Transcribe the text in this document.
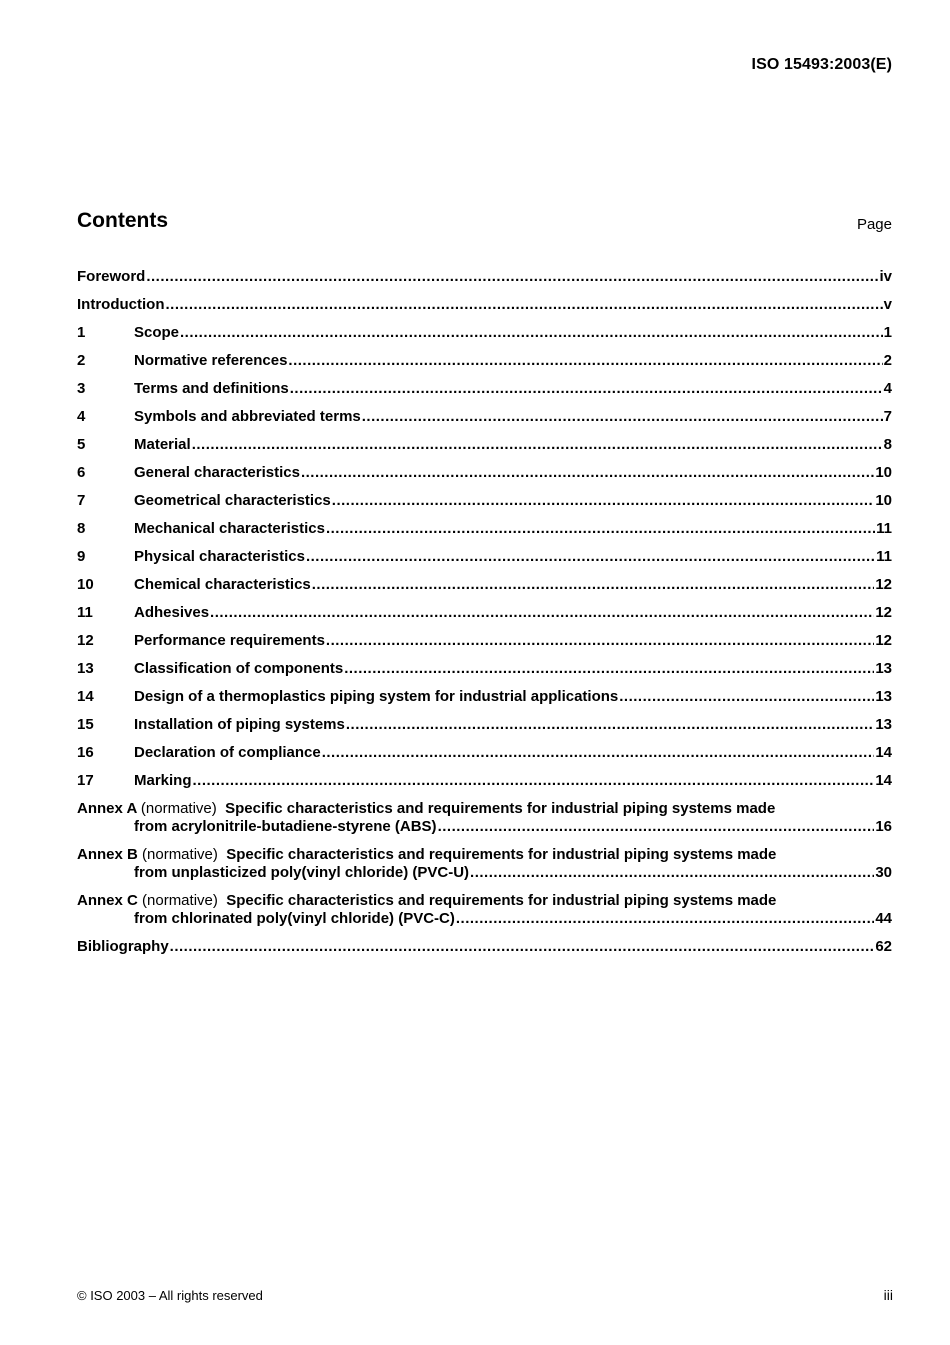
ISO 15493:2003(E)
Contents	Page
Foreword .....	iv
Introduction .....	v
1	Scope .....	1
2	Normative references .....	2
3	Terms and definitions .....	4
4	Symbols and abbreviated terms .....	7
5	Material .....	8
6	General characteristics .....	10
7	Geometrical characteristics .....	10
8	Mechanical characteristics .....	11
9	Physical characteristics .....	11
10	Chemical characteristics .....	12
11	Adhesives .....	12
12	Performance requirements .....	12
13	Classification of components .....	13
14	Design of a thermoplastics piping system for industrial applications .....	13
15	Installation of piping systems .....	13
16	Declaration of compliance .....	14
17	Marking .....	14
Annex A (normative) Specific characteristics and requirements for industrial piping systems made
from acrylonitrile-butadiene-styrene (ABS) .....	16
Annex B (normative) Specific characteristics and requirements for industrial piping systems made
from unplasticized poly(vinyl chloride) (PVC-U) .....	30
Annex C (normative) Specific characteristics and requirements for industrial piping systems made
from chlorinated poly(vinyl chloride) (PVC-C) .....	44
Bibliography .....	62
© ISO 2003 – All rights reserved	iii
